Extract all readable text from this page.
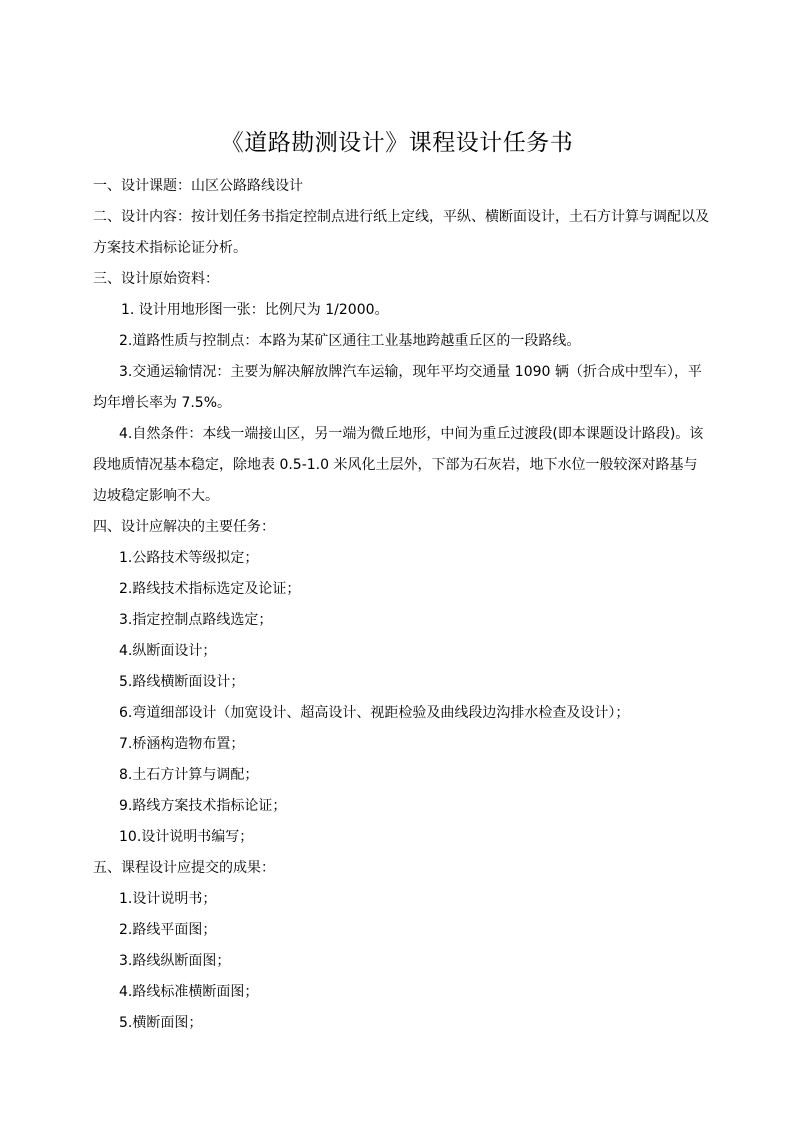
《道路勘测设计》课程设计任务书

一、设计课题：山区公路路线设计

二、设计内容：按计划任务书指定控制点进行纸上定线，平纵、横断面设计，土石方计算与调配以及方案技术指标论证分析。

三、设计原始资料：

1. 设计用地形图一张：比例尺为 1/2000。

2.道路性质与控制点：本路为某矿区通往工业基地跨越重丘区的一段路线。

3.交通运输情况：主要为解决解放牌汽车运输，现年平均交通量 1090 辆（折合成中型车），平均年增长率为 7.5%。

4.自然条件：本线一端接山区，另一端为微丘地形，中间为重丘过渡段(即本课题设计路段)。该段地质情况基本稳定，除地表 0.5-1.0 米风化土层外，下部为石灰岩，地下水位一般较深对路基与边坡稳定影响不大。

四、设计应解决的主要任务：

1.公路技术等级拟定；

2.路线技术指标选定及论证；

3.指定控制点路线选定；

4.纵断面设计；

5.路线横断面设计；

6.弯道细部设计（加宽设计、超高设计、视距检验及曲线段边沟排水检查及设计）；

7.桥涵构造物布置；

8.土石方计算与调配；

9.路线方案技术指标论证；

10.设计说明书编写；

五、课程设计应提交的成果：

1.设计说明书；

2.路线平面图；

3.路线纵断面图；

4.路线标准横断面图；

5.横断面图；
